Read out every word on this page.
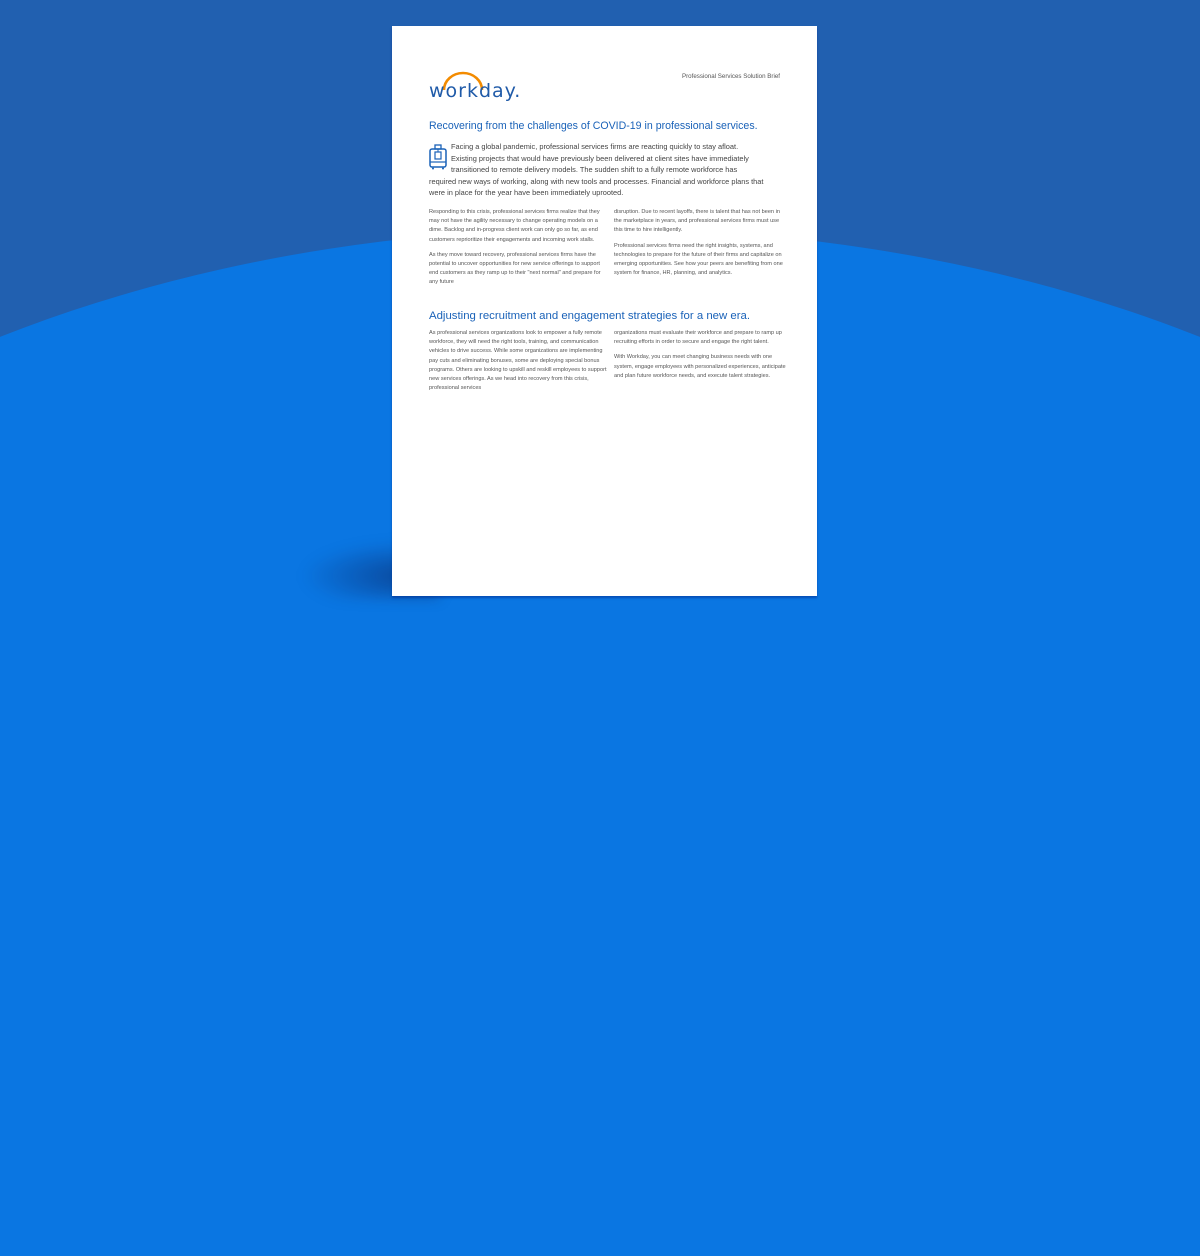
workday.
Professional Services Solution Brief
Recovering from the challenges of COVID-19 in professional services.
Facing a global pandemic, professional services firms are reacting quickly to stay afloat.
Existing projects that would have previously been delivered at client sites have immediately
transitioned to remote delivery models. The sudden shift to a fully remote workforce has
required new ways of working, along with new tools and processes. Financial and workforce plans that
were in place for the year have been immediately uprooted.

Responding to this crisis, professional services firms realize that they may not have the agility necessary to change operating models on a dime. Backlog and in-progress client work can only go so far, as end customers reprioritize their engagements and incoming work stalls.

As they move toward recovery, professional services firms have the potential to uncover opportunities for new service offerings to support end customers as they ramp up to their "next normal" and prepare for any future

disruption. Due to recent layoffs, there is talent that has not been in the marketplace in years, and professional services firms must use this time to hire intelligently.

Professional services firms need the right insights, systems, and technologies to prepare for the future of their firms and capitalize on emerging opportunities. See how your peers are benefiting from one system for finance, HR, planning, and analytics.

Adjusting recruitment and engagement strategies for a new era.

As professional services organizations look to empower a fully remote workforce, they will need the right tools, training, and communication vehicles to drive success. While some organizations are implementing pay cuts and eliminating bonuses, some are deploying special bonus programs. Others are looking to upskill and reskill employees to support new services offerings. As we head into recovery from this crisis, professional services

organizations must evaluate their workforce and prepare to ramp up recruiting efforts in order to secure and engage the right talent.

With Workday, you can meet changing business needs with one system, engage employees with personalized experiences, anticipate and plan future workforce needs, and execute talent strategies.
